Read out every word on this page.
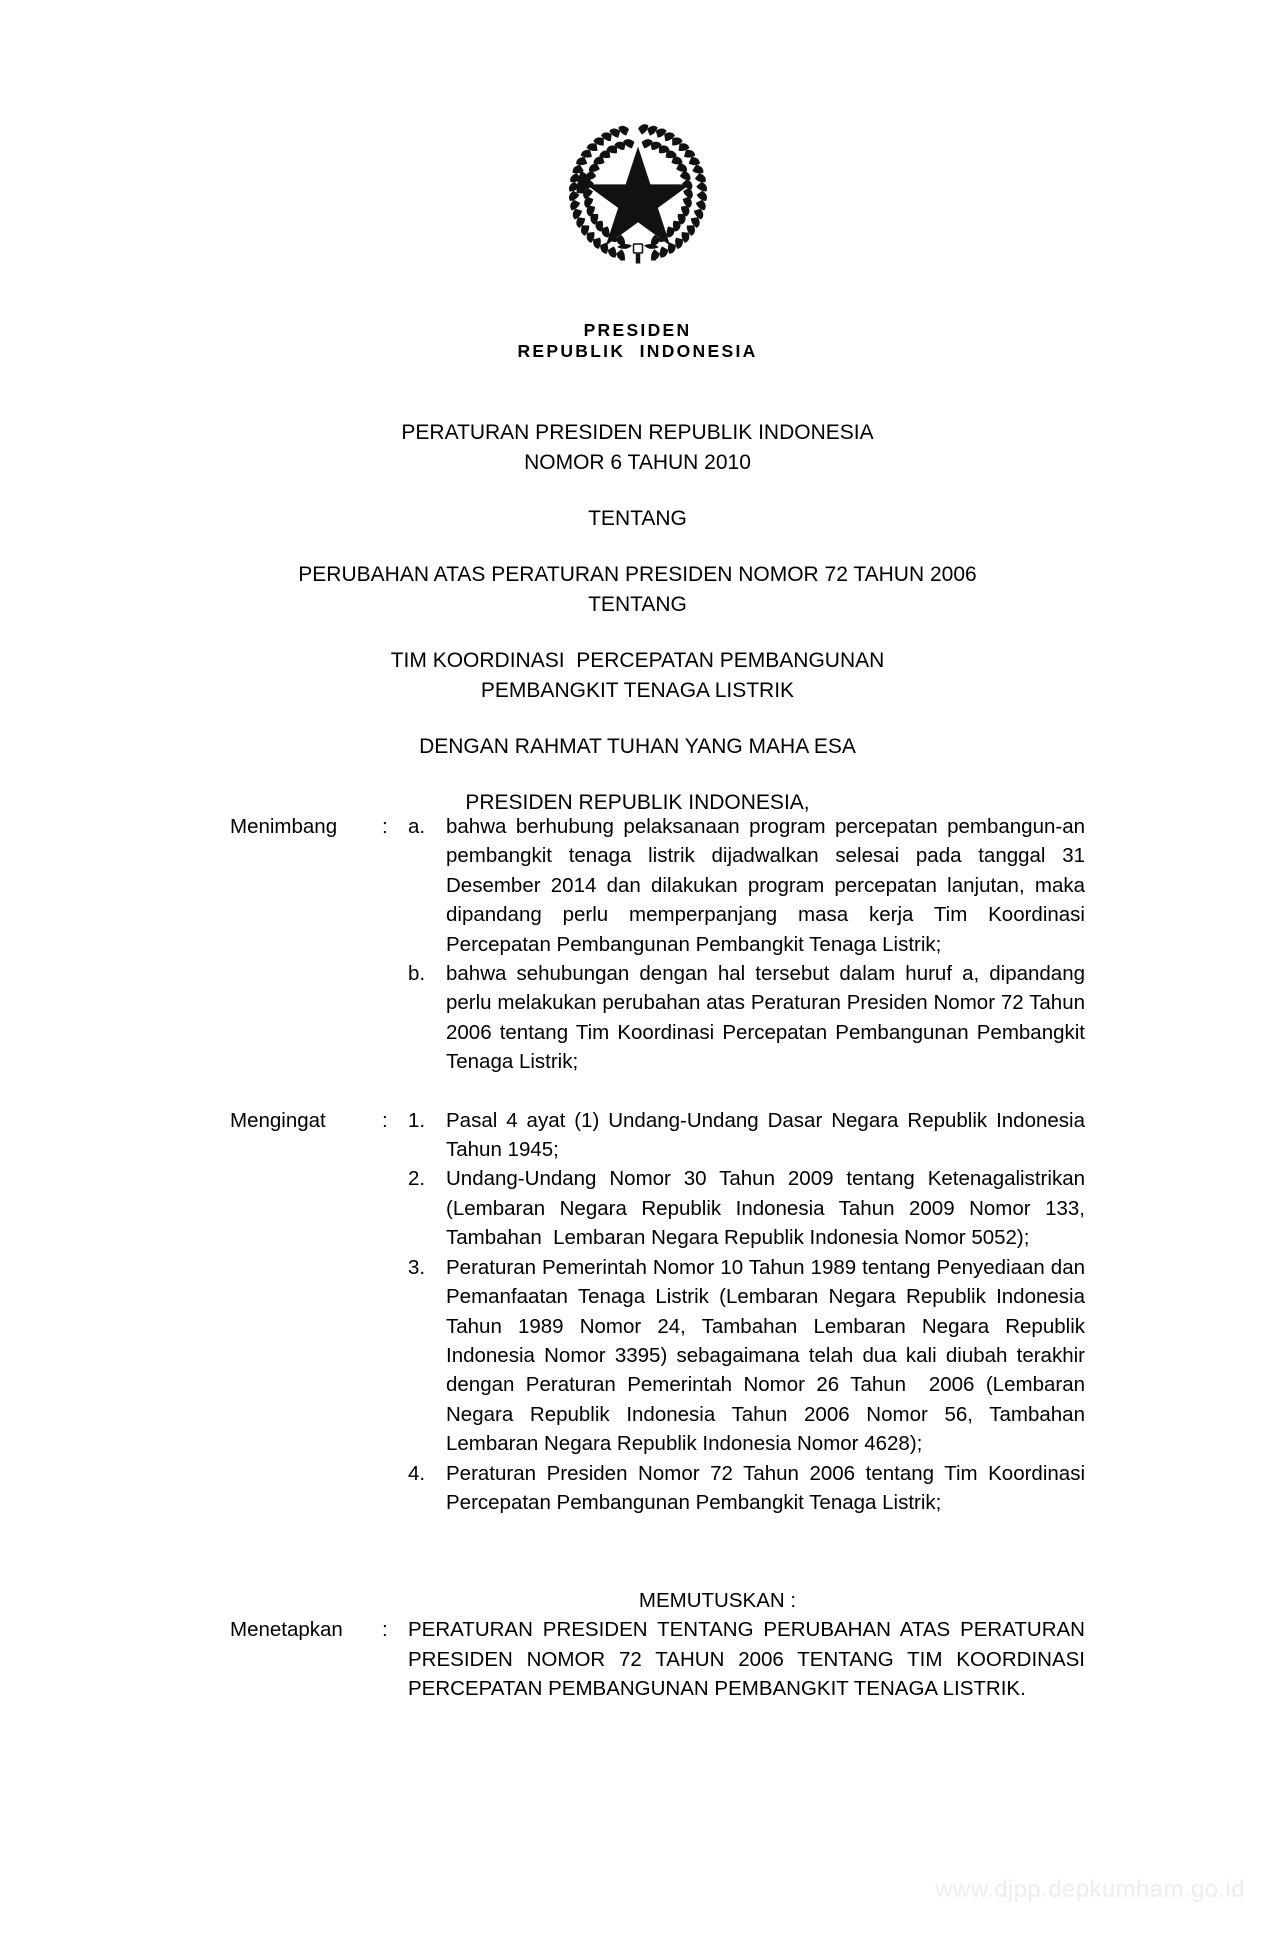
PRESIDEN
REPUBLIK  INDONESIA
PERATURAN PRESIDEN REPUBLIK INDONESIA
NOMOR 6 TAHUN 2010
TENTANG
PERUBAHAN ATAS PERATURAN PRESIDEN NOMOR 72 TAHUN 2006
TENTANG
TIM KOORDINASI  PERCEPATAN PEMBANGUNAN
PEMBANGKIT TENAGA LISTRIK
DENGAN RAHMAT TUHAN YANG MAHA ESA
PRESIDEN REPUBLIK INDONESIA,
Menimbang	: a.	bahwa berhubung pelaksanaan program percepatan pembangun-an pembangkit tenaga listrik dijadwalkan selesai pada tanggal 31 Desember 2014 dan dilakukan program percepatan lanjutan, maka dipandang perlu memperpanjang masa kerja Tim Koordinasi Percepatan Pembangunan Pembangkit Tenaga Listrik;
b.	bahwa sehubungan dengan hal tersebut dalam huruf a, dipandang perlu melakukan perubahan atas Peraturan Presiden Nomor 72 Tahun 2006 tentang Tim Koordinasi Percepatan Pembangunan Pembangkit Tenaga Listrik;
Mengingat	: 1.	Pasal 4 ayat (1) Undang-Undang Dasar Negara Republik Indonesia Tahun 1945;
2.	Undang-Undang Nomor 30 Tahun 2009 tentang Ketenagalistrikan (Lembaran Negara Republik Indonesia Tahun 2009 Nomor 133, Tambahan  Lembaran Negara Republik Indonesia Nomor 5052);
3.	Peraturan Pemerintah Nomor 10 Tahun 1989 tentang Penyediaan dan Pemanfaatan Tenaga Listrik (Lembaran Negara Republik Indonesia Tahun 1989 Nomor 24, Tambahan Lembaran Negara Republik Indonesia Nomor 3395) sebagaimana telah dua kali diubah terakhir dengan Peraturan Pemerintah Nomor 26 Tahun  2006 (Lembaran Negara Republik Indonesia Tahun 2006 Nomor 56, Tambahan Lembaran Negara Republik Indonesia Nomor 4628);
4.	Peraturan Presiden Nomor 72 Tahun 2006 tentang Tim Koordinasi Percepatan Pembangunan Pembangkit Tenaga Listrik;
MEMUTUSKAN :
Menetapkan	: PERATURAN PRESIDEN TENTANG PERUBAHAN ATAS PERATURAN PRESIDEN NOMOR 72 TAHUN 2006 TENTANG TIM KOORDINASI PERCEPATAN PEMBANGUNAN PEMBANGKIT TENAGA LISTRIK.
www.djpp.depkumham.go.id
